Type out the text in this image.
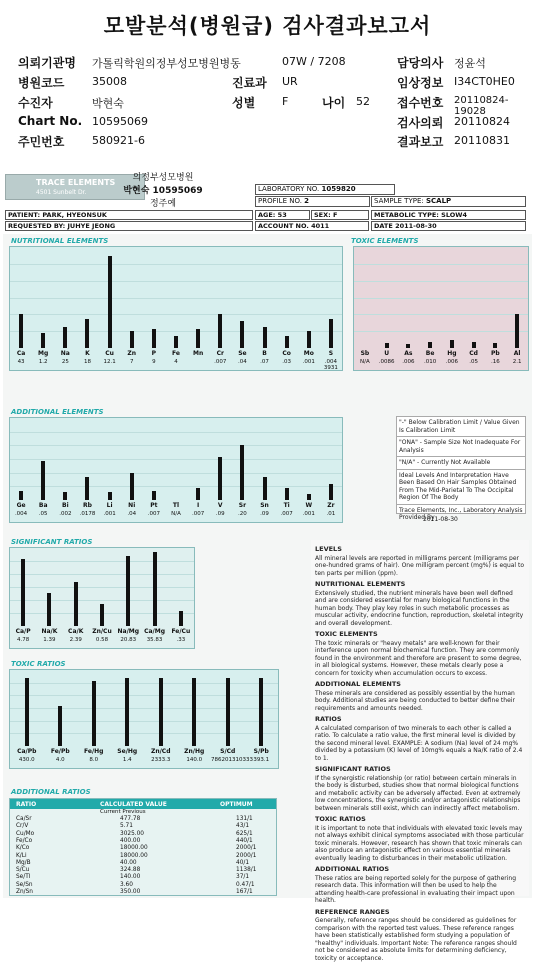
모발분석(병원급) 검사결과보고서
의뢰기관명 가톨릭학원의정부성모병원병동
병원코드	35008
수진자	박현숙
Chart No. 10595069
주민번호	580921-6
07W / 7208
진료과 UR
성별 F	나이 52
담당의사 정윤석
임상정보 I34CT0HE0
접수번호 20110824-19028
검사의뢰 20110824
결과보고 20110831
TRACE ELEMENTS
4501 Sunbelt Dr.
의정부성모병원
박현숙 10595069
정주예
LABORATORY NO. 1059820
PROFILE NO. 2	SAMPLE TYPE: SCALP
PATIENT: PARK, HYEONSUK	AGE: 53	SEX: F	METABOLIC TYPE: SLOW4
REQUESTED BY: JUHYE JEONG	ACCOUNT NO. 4011	DATE 2011-08-30
NUTRITIONAL ELEMENTS
Ca
43
Mg
1.2
Na
25
K
18
Cu
12.1
Zn
7
P
9
Fe
4
Mn	Cr
.007
Se
.04
B
.07
Co
.03
Mo
.001
S
.004 3931
TOXIC ELEMENTS
Sb
N/A
U
.0086
As
.006
Be
.010
Hg
.006
Cd
.05
Pb
.16
Al
2.1
ADDITIONAL ELEMENTS
Ge
.004
Ba
.05
Bi
.002
Rb
.0178
Li
.001
Ni
.04
Pt
.007
Tl
N/A
I
.007
V
.09
Sr
.20
Sn
.09
Ti
.007
W
.001
Zr
.01
"-" Below Calibration Limit / Value Given Is Calibration Limit
"ONA" - Sample Size Not Inadequate For Analysis
"N/A" - Currently Not Available
Ideal Levels And Interpretation Have Been Based On Hair Samples Obtained From The Mid-Parietal To The Occipital Region Of The Body
Trace Elements, Inc., Laboratory Analysis Provided By
2011-08-30
SIGNIFICANT RATIOS
Ca/P
4.78
Na/K
1.39
Ca/K
2.39
Zn/Cu
0.58
Na/Mg
20.83
Ca/Mg
35.83
Fe/Cu
.33
TOXIC RATIOS
Ca/Pb
430.0
Fe/Pb
4.0
Fe/Hg
8.0
Se/Hg
1.4
Zn/Cd
2333.3
Zn/Hg
140.0
S/Cd
786201310333
S/Pb
393.1
ADDITIONAL RATIOS
RATIO	CALCULATED VALUE	OPTIMUM
Current Previous
Ca/Sr	477.78	131/1
Cr/V	5.71	43/1
Cu/Mo	3025.00	625/1
Fe/Co	400.00	440/1
K/Co	18000.00	2000/1
K/Li	18000.00	2000/1
Mg/B	40.00	40/1
S/Cu	324.88	1138/1
Se/Tl	140.00	37/1
Se/Sn	3.60	0.47/1
Zn/Sn	350.00	167/1
LEVELS
All mineral levels are reported in milligrams percent (milligrams per one-hundred grams of hair). One milligram percent (mg%) is equal to ten parts per million (ppm).
NUTRITIONAL ELEMENTS
Extensively studied, the nutrient minerals have been well defined and are considered essential for many biological functions in the human body. They play key roles in such metabolic processes as muscular activity, endocrine function, reproduction, skeletal integrity and overall development.
TOXIC ELEMENTS
The toxic minerals or "heavy metals" are well-known for their interference upon normal biochemical function. They are commonly found in the environment and therefore are present to some degree, in all biological systems. However, these metals clearly pose a concern for toxicity when accumulation occurs to excess.
ADDITIONAL ELEMENTS
These minerals are considered as possibly essential by the human body. Additional studies are being conducted to better define their requirements and amounts needed.
RATIOS
A calculated comparison of two minerals to each other is called a ratio. To calculate a ratio value, the first mineral level is divided by the second mineral level. EXAMPLE: A sodium (Na) level of 24 mg% divided by a potassium (K) level of 10mg% equals a Na/K ratio of 2.4 to 1.
SIGNIFICANT RATIOS
If the synergistic relationship (or ratio) between certain minerals in the body is disturbed, studies show that normal biological functions and metabolic activity can be adversely affected. Even at extremely low concentrations, the synergistic and/or antagonistic relationships between minerals still exist, which can indirectly affect metabolism.
TOXIC RATIOS
It is important to note that individuals with elevated toxic levels may not always exhibit clinical symptoms associated with those particular toxic minerals. However, research has shown that toxic minerals can also produce an antagonistic effect on various essential minerals eventually leading to disturbances in their metabolic utilization.
ADDITIONAL RATIOS
These ratios are being reported solely for the purpose of gathering research data. This information will then be used to help the attending health-care professional in evaluating their impact upon health.
REFERENCE RANGES
Generally, reference ranges should be considered as guidelines for comparison with the reported test values. These reference ranges have been statistically established form studying a population of "healthy" individuals. Important Note: The reference ranges should not be considered as absolute limits for determining deficiency, toxicity or acceptance.
